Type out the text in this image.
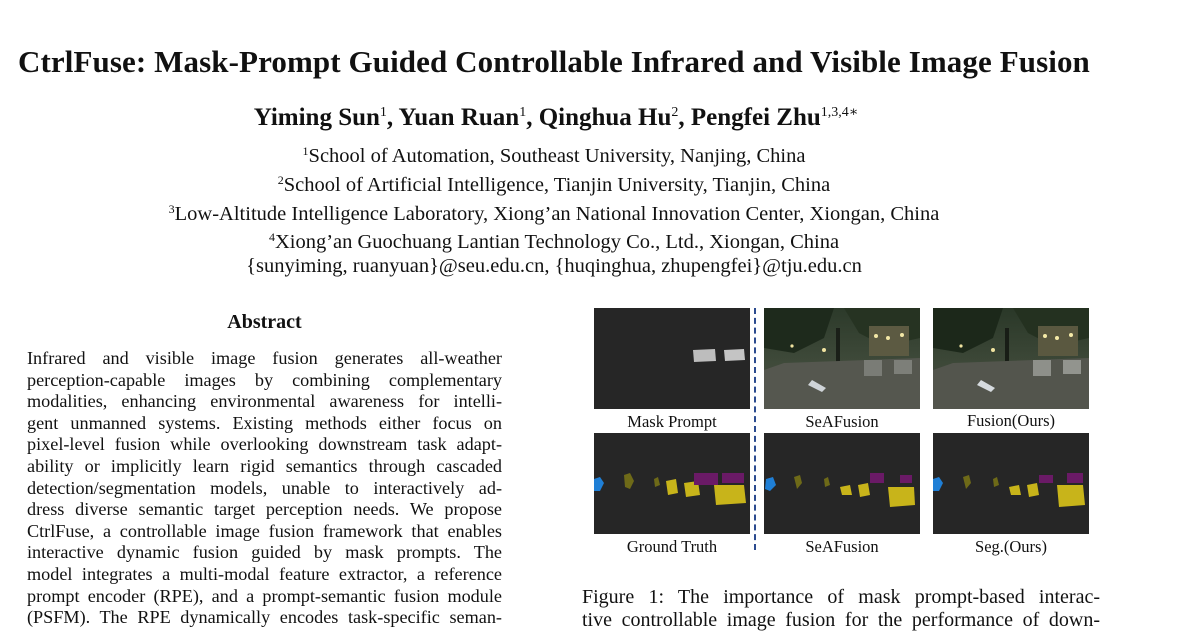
CtrlFuse: Mask-Prompt Guided Controllable Infrared and Visible Image Fusion
Yiming Sun$^1$, Yuan Ruan$^1$, Qinghua Hu$^2$, Pengfei Zhu$^{1,3,4∗}$
$^1$School of Automation, Southeast University, Nanjing, China
$^2$School of Artificial Intelligence, Tianjin University, Tianjin, China
$^3$Low-Altitude Intelligence Laboratory, Xiong’an National Innovation Center, Xiongan, China
$^4$Xiong’an Guochuang Lantian Technology Co., Ltd., Xiongan, China
{sunyiming, ruanyuan}@seu.edu.cn, {huqinghua, zhupengfei}@tju.edu.cn
Abstract
Infrared and visible image fusion generates all-weather
perception-capable images by combining complementary
modalities, enhancing environmental awareness for intelli-
gent unmanned systems. Existing methods either focus on
pixel-level fusion while overlooking downstream task adapt-
ability or implicitly learn rigid semantics through cascaded
detection/segmentation models, unable to interactively ad-
dress diverse semantic target perception needs. We propose
CtrlFuse, a controllable image fusion framework that enables
interactive dynamic fusion guided by mask prompts. The
model integrates a multi-modal feature extractor, a reference
prompt encoder (RPE), and a prompt-semantic fusion module
(PSFM). The RPE dynamically encodes task-specific seman-
Mask Prompt	SeAFusion	Fusion(Ours)
Ground Truth	SeAFusion	Seg.(Ours)
Figure 1: The importance of mask prompt-based interac-
tive controllable image fusion for the performance of down-
